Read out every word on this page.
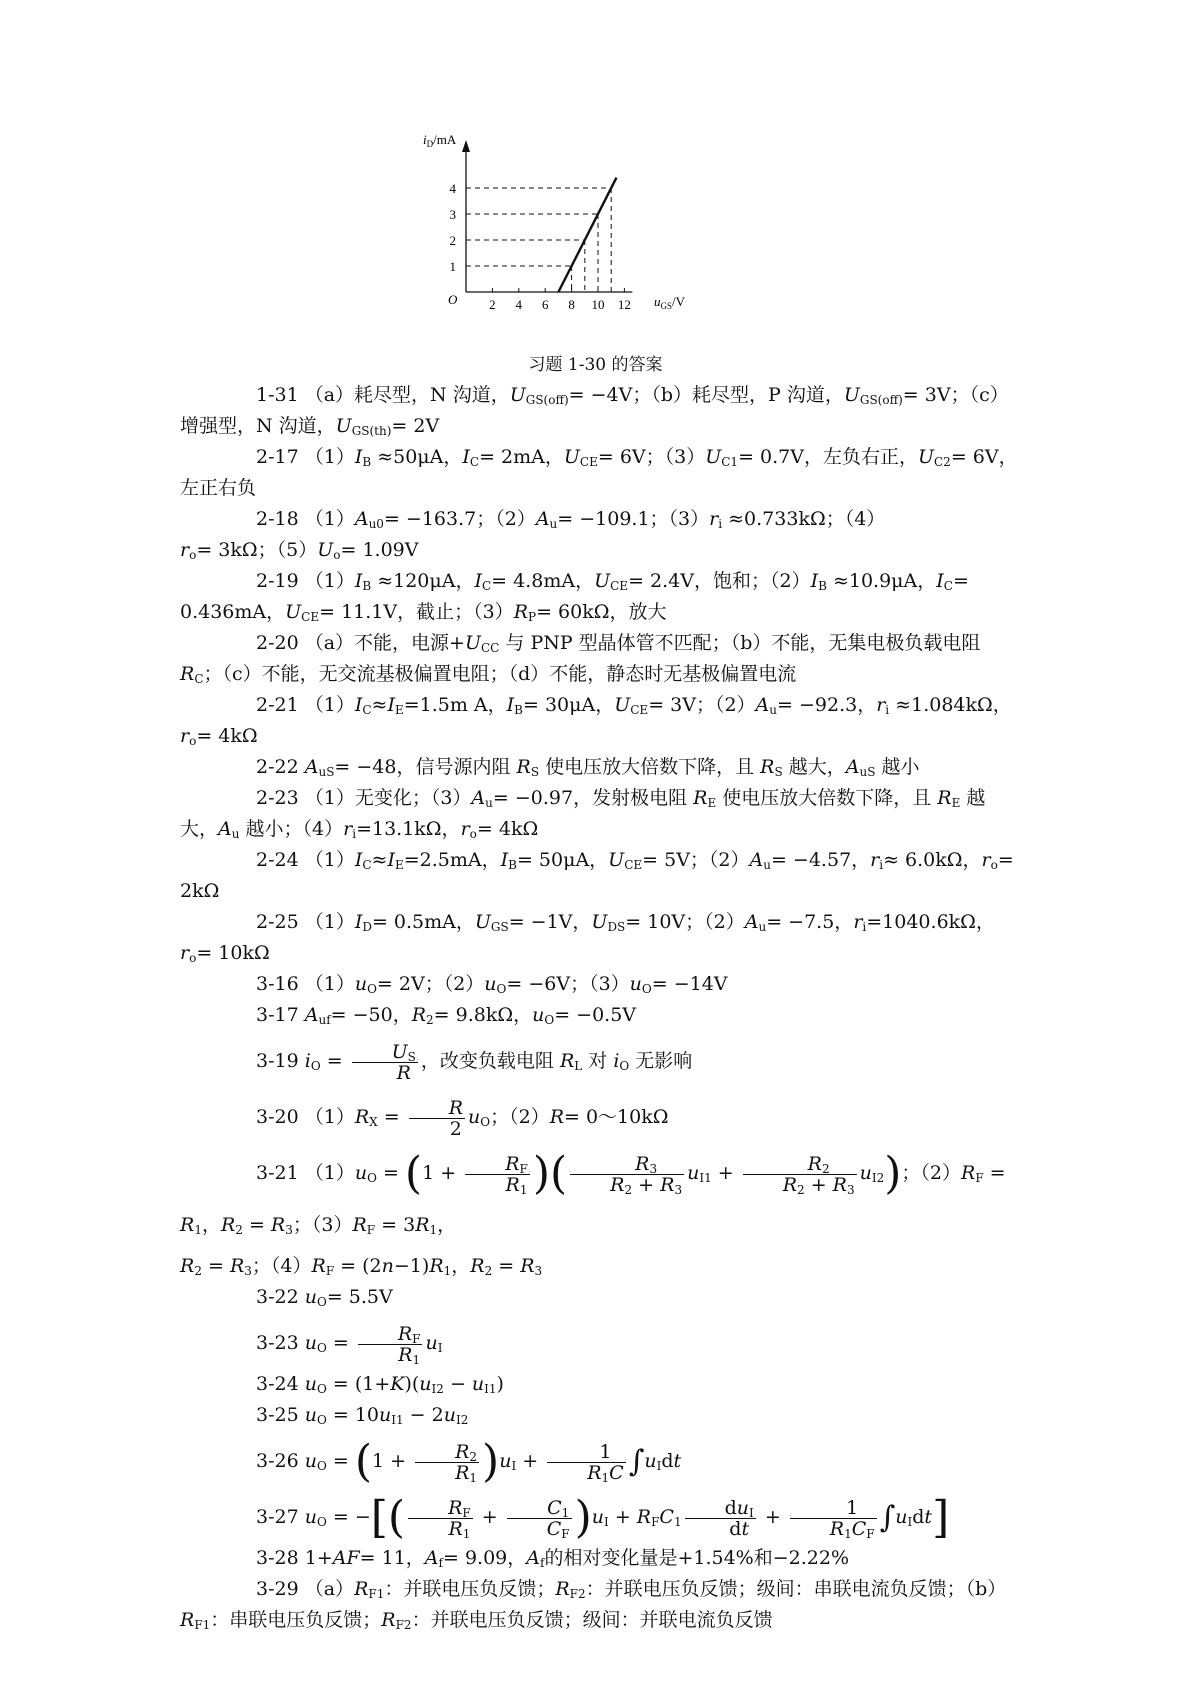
2 4 6 8 10 12
1
2
3
4
$i_D/mA$
$u_{GS}/V$
O
习题 1-30 的答案

1-31 （a）耗尽型，N 沟道，$U_{GS(off)}= -4V$；（b）耗尽型，P 沟道，$U_{GS(off)}= 3V$；（c）增强型，N 沟道，$U_{GS(th)}= 2V$

2-17 $(1)I_B \approx 50\mu A$，$I_C= 2mA$，$U_{CE}= 6V$；$(3)U_{C1}= 0.7V$，左负右正，$U_{C2}= 6V$，左正右负

2-18 $(1)A_{u0}= -163.7$；$(2)A_u= -109.1$；$(3)r_i \approx 0.733k\Omega$；$(4)r_o= 3k\Omega$；$(5)U_o= 1.09V$

2-19 $(1)I_B \approx 120\mu A$，$I_C= 4.8mA$，$U_{CE}= 2.4V$，饱和；$(2)I_B \approx 10.9\mu A$，$I_C= 0.436mA$，$U_{CE}= 11.1V$，截止；$(3)R_P= 60k\Omega$，放大

2-20 （a）不能，电源$+U_{CC}$ 与 PNP 型晶体管不匹配；（b）不能，无集电极负载电阻 $R_C$；（c）不能，无交流基极偏置电阻；（d）不能，静态时无基极偏置电流

2-21 $(1)I_C\approx I_E=1.5m$ A，$I_B= 30\mu A$，$U_{CE}= 3V$；$(2)A_u= -92.3$，$r_i \approx 1.084k\Omega$，$r_o= 4k\Omega$

2-22 $A_{uS}= -48$，信号源内阻 $R_S$ 使电压放大倍数下降，且 $R_S$ 越大，$A_{uS}$ 越小

2-23 （1）无变化；$(3)A_u= -0.97$，发射极电阻 $R_E$ 使电压放大倍数下降，且 $R_E$ 越大，$A_u$ 越小；$(4)r_i=13.1k\Omega$，$r_o= 4k\Omega$

2-24 $(1)I_C\approx I_E=2.5mA$，$I_B= 50\mu A$，$U_{CE}= 5V$；$(2)A_u= -4.57$，$r_i\approx 6.0k\Omega$，$r_o= 2k\Omega$

2-25 $(1)I_D= 0.5mA$，$U_{GS}= -1V$，$U_{DS}= 10V$；$(2)A_u= -7.5$，$r_i=1040.6k\Omega$，$r_o= 10k\Omega$

3-16 $(1)u_O= 2V$；$(2)u_O= -6V$；$(3)u_O= -14V$

3-17 $A_{uf}= -50$，$R_2= 9.8k\Omega$，$u_O= -0.5V$

3-19 $i_O = \frac{U_S}{R}$ ，改变负载电阻 $R_L$ 对 $i_O$ 无影响

3-20 $(1)R_X = \frac{R}{2} u_O$；（2）R= 0～10kΩ

3-21 $(1)u_O = (1 + \frac{R_F}{R_1}$ )( $\frac{R_3}{R_2 + R_3} u_{I1} + \frac{R_2}{R_2 + R_3} u_{I2}$)；$(2)R_F = R_1$，$R_2 = R_3$；$(3)R_F = 3R_1$，

$R_2 = R_3$；$(4)R_F = (2n-1)R_1$，$R_2 = R_3$

3-22 $u_O= 5.5V$

3-23 $u_O = \frac{R_F}{R_1} u_I$

3-24 $u_O = (1+K)(u_{I2} - u_{I1})$

3-25 $u_O = 10u_{I1} - 2u_{I2}$

3-26 $u_O = (1 + \frac{R_2}{R_1} )u_I + \frac{1}{R_1C} \int u_Idt$

3-27 $u_O$ = −[( $\frac{R_F}{R_1} + \frac{C_1}{C_F} )u_I + R_FC_1 \frac{du_I}{dt} + \frac{1}{R_1C_F} \int u_Idt$]

3-28 1+AF= 11，$A_f= 9.09$，$A_f$的相对变化量是+1.54%和−2.22%

3-29 $(a)R_{F1}$：并联电压负反馈；$R_{F2}$：并联电压负反馈；级间：串联电流负反馈；$(b)R_{F1}$：串联电压负反馈；$R_{F2}$：并联电压负反馈；级间：并联电流负反馈
